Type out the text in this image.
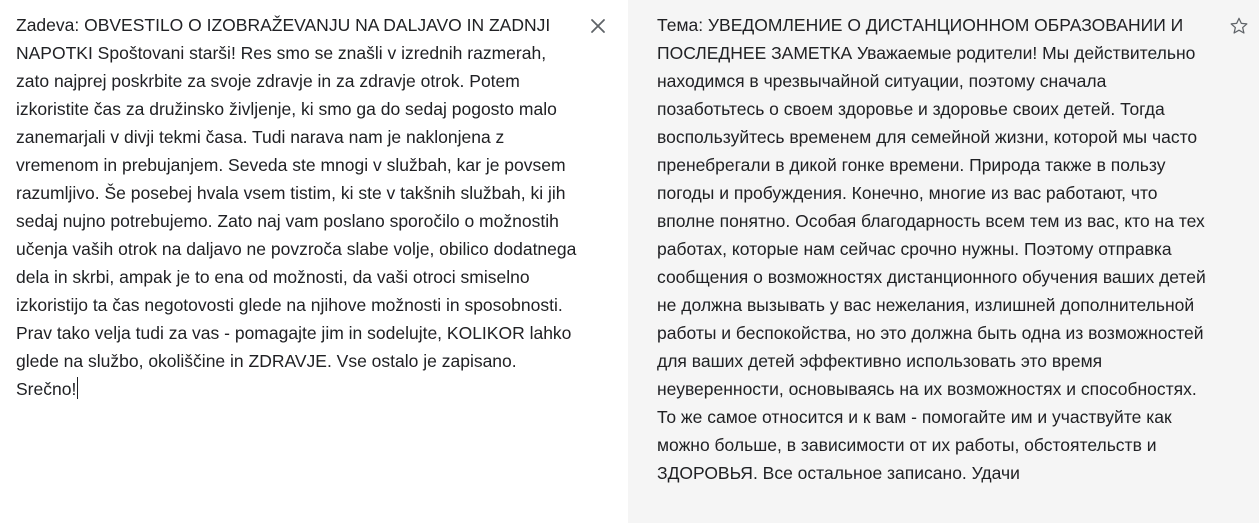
Zadeva: OBVESTILO O IZOBRAŽEVANJU NA DALJAVO IN ZADNJI NAPOTKI Spoštovani starši! Res smo se znašli v izrednih razmerah, zato najprej poskrbite za svoje zdravje in za zdravje otrok. Potem izkoristite čas za družinsko življenje, ki smo ga do sedaj pogosto malo zanemarjali v divji tekmi časa. Tudi narava nam je naklonjena z vremenom in prebujanjem. Seveda ste mnogi v službah, kar je povsem razumljivo. Še posebej hvala vsem tistim, ki ste v takšnih službah, ki jih sedaj nujno potrebujemo. Zato naj vam poslano sporočilo o možnostih učenja vaših otrok na daljavo ne povzroča slabe volje, obilico dodatnega dela in skrbi, ampak je to ena od možnosti, da vaši otroci smiselno izkoristijo ta čas negotovosti glede na njihove možnosti in sposobnosti. Prav tako velja tudi za vas - pomagajte jim in sodelujte, KOLIKOR lahko glede na službo, okoliščine in ZDRAVJE. Vse ostalo je zapisano. Srečno!

Тема: УВЕДОМЛЕНИЕ О ДИСТАНЦИОННОМ ОБРАЗОВАНИИ И ПОСЛЕДНЕЕ ЗАМЕТКА Уважаемые родители! Мы действительно находимся в чрезвычайной ситуации, поэтому сначала позаботьтесь о своем здоровье и здоровье своих детей. Тогда воспользуйтесь временем для семейной жизни, которой мы часто пренебрегали в дикой гонке времени. Природа также в пользу погоды и пробуждения. Конечно, многие из вас работают, что вполне понятно. Особая благодарность всем тем из вас, кто на тех работах, которые нам сейчас срочно нужны. Поэтому отправка сообщения о возможностях дистанционного обучения ваших детей не должна вызывать у вас нежелания, излишней дополнительной работы и беспокойства, но это должна быть одна из возможностей для ваших детей эффективно использовать это время неуверенности, основываясь на их возможностях и способностях. То же самое относится и к вам - помогайте им и участвуйте как можно больше, в зависимости от их работы, обстоятельств и ЗДОРОВЬЯ. Все остальное записано. Удачи
